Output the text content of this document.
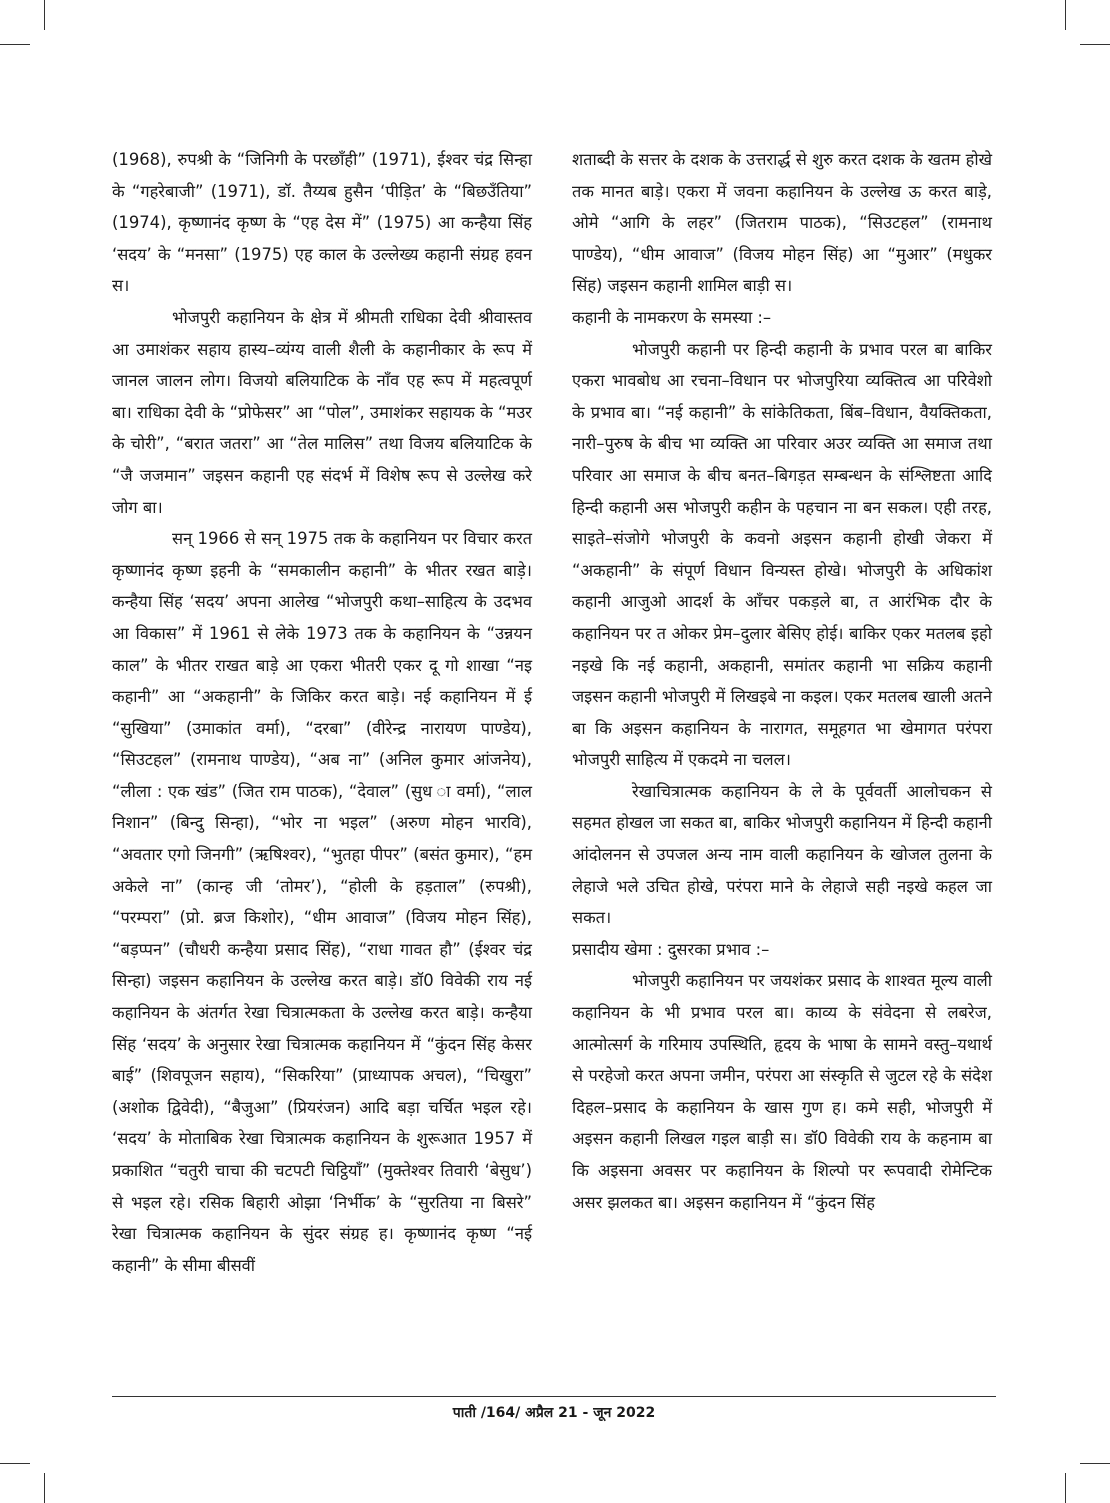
(1968), रुपश्री के “जिनिगी के परछाँही” (1971), ईश्वर चंद्र सिन्हा के “गहरेबाजी” (1971), डॉ. तैय्यब हुसैन ‘पीड़ित’ के “बिछउँतिया” (1974), कृष्णानंद कृष्ण के “एह देस में” (1975) आ कन्हैया सिंह ‘सदय’ के “मनसा” (1975) एह काल के उल्लेख्य कहानी संग्रह हवन स।

भोजपुरी कहानियन के क्षेत्र में श्रीमती राधिका देवी श्रीवास्तव आ उमाशंकर सहाय हास्य–व्यंग्य वाली शैली के कहानीकार के रूप में जानल जालन लोग। विजयो बलियाटिक के नाँव एह रूप में महत्वपूर्ण बा। राधिका देवी के “प्रोफेसर” आ “पोल”, उमाशंकर सहायक के “मउर के चोरी”, “बरात जतरा” आ “तेल मालिस” तथा विजय बलियाटिक के “जै जजमान” जइसन कहानी एह संदर्भ में विशेष रूप से उल्लेख करे जोग बा।

सन् 1966 से सन् 1975 तक के कहानियन पर विचार करत कृष्णानंद कृष्ण इहनी के “समकालीन कहानी” के भीतर रखत बाड़े। कन्हैया सिंह ‘सदय’ अपना आलेख “भोजपुरी कथा–साहित्य के उदभव आ विकास” में 1961 से लेके 1973 तक के कहानियन के “उन्नयन काल” के भीतर राखत बाड़े आ एकरा भीतरी एकर दू गो शाखा “नइ कहानी” आ “अकहानी” के जिकिर करत बाड़े। नई कहानियन में ई “सुखिया” (उमाकांत वर्मा), “दरबा” (वीरेन्द्र नारायण पाण्डेय), “सिउटहल” (रामनाथ पाण्डेय), “अब ना” (अनिल कुमार आंजनेय), “लीला : एक खंड” (जित राम पाठक), “देवाल” (सुध ा वर्मा), “लाल निशान” (बिन्दु सिन्हा), “भोर ना भइल” (अरुण मोहन भारवि), “अवतार एगो जिनगी” (ऋषिश्वर), “भुतहा पीपर” (बसंत कुमार), “हम अकेले ना” (कान्ह जी ‘तोमर’), “होली के हड़ताल” (रुपश्री), “परम्परा” (प्रो. ब्रज किशोर), “धीम आवाज” (विजय मोहन सिंह), “बड़प्पन” (चौधरी कन्हैया प्रसाद सिंह), “राधा गावत हौ” (ईश्वर चंद्र सिन्हा) जइसन कहानियन के उल्लेख करत बाड़े। डॉ0 विवेकी राय नई कहानियन के अंतर्गत रेखा चित्रात्मकता के उल्लेख करत बाड़े। कन्हैया सिंह ‘सदय’ के अनुसार रेखा चित्रात्मक कहानियन में “कुंदन सिंह केसर बाई” (शिवपूजन सहाय), “सिकरिया” (प्राध्यापक अचल), “चिखुरा” (अशोक द्विवेदी), “बैजुआ” (प्रियरंजन) आदि बड़ा चर्चित भइल रहे। ‘सदय’ के मोताबिक रेखा चित्रात्मक कहानियन के शुरूआत 1957 में प्रकाशित “चतुरी चाचा की चटपटी चिट्ठियाँ” (मुक्तेश्वर तिवारी ‘बेसुध’) से भइल रहे। रसिक बिहारी ओझा ‘निर्भीक’ के “सुरतिया ना बिसरे” रेखा चित्रात्मक कहानियन के सुंदर संग्रह ह। कृष्णानंद कृष्ण “नई कहानी” के सीमा बीसवीं

शताब्दी के सत्तर के दशक के उत्तरार्द्ध से शुरु करत दशक के खतम होखे तक मानत बाड़े। एकरा में जवना कहानियन के उल्लेख ऊ करत बाड़े, ओमे “आगि के लहर” (जितराम पाठक), “सिउटहल” (रामनाथ पाण्डेय), “धीम आवाज” (विजय मोहन सिंह) आ “मुआर” (मधुकर सिंह) जइसन कहानी शामिल बाड़ी स।

कहानी के नामकरण के समस्या :–

भोजपुरी कहानी पर हिन्दी कहानी के प्रभाव परल बा बाकिर एकरा भावबोध आ रचना–विधान पर भोजपुरिया व्यक्तित्व आ परिवेशो के प्रभाव बा। “नई कहानी” के सांकेतिकता, बिंब–विधान, वैयक्तिकता, नारी–पुरुष के बीच भा व्यक्ति आ परिवार अउर व्यक्ति आ समाज तथा परिवार आ समाज के बीच बनत–बिगड़त सम्बन्धन के संश्लिष्टता आदि हिन्दी कहानी अस भोजपुरी कहीन के पहचान ना बन सकल। एही तरह, साइते–संजोगे भोजपुरी के कवनो अइसन कहानी होखी जेकरा में “अकहानी” के संपूर्ण विधान विन्यस्त होखे। भोजपुरी के अधिकांश कहानी आजुओ आदर्श के ऑंचर पकड़ले बा, त आरंभिक दौर के कहानियन पर त ओकर प्रेम–दुलार बेसिए होई। बाकिर एकर मतलब इहो नइखे कि नई कहानी, अकहानी, समांतर कहानी भा सक्रिय कहानी जइसन कहानी भोजपुरी में लिखइबे ना कइल। एकर मतलब खाली अतने बा कि अइसन कहानियन के नारागत, समूहगत भा खेमागत परंपरा भोजपुरी साहित्य में एकदमे ना चलल।

रेखाचित्रात्मक कहानियन के ले के पूर्ववर्ती आलोचकन से सहमत होखल जा सकत बा, बाकिर भोजपुरी कहानियन में हिन्दी कहानी आंदोलनन से उपजल अन्य नाम वाली कहानियन के खोजल तुलना के लेहाजे भले उचित होखे, परंपरा माने के लेहाजे सही नइखे कहल जा सकत।

प्रसादीय खेमा : दुसरका प्रभाव :–

भोजपुरी कहानियन पर जयशंकर प्रसाद के शाश्वत मूल्य वाली कहानियन के भी प्रभाव परल बा। काव्य के संवेदना से लबरेज, आत्मोत्सर्ग के गरिमाय उपस्थिति, हृदय के भाषा के सामने वस्तु–यथार्थ से परहेजो करत अपना जमीन, परंपरा आ संस्कृति से जुटल रहे के संदेश दिहल–प्रसाद के कहानियन के खास गुण ह। कमे सही, भोजपुरी में अइसन कहानी लिखल गइल बाड़ी स। डॉ0 विवेकी राय के कहनाम बा कि अइसना अवसर पर कहानियन के शिल्पो पर रूपवादी रोमेन्टिक असर झलकत बा। अइसन कहानियन में “कुंदन सिंह

पाती /164/ अप्रैल 21 - जून 2022
